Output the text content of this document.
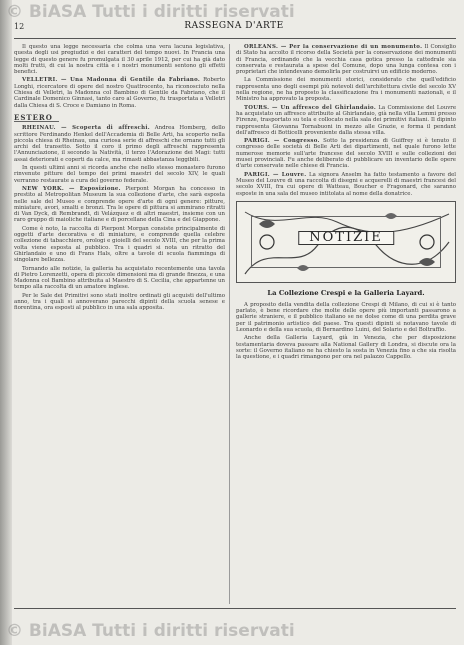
© BiASA Tutti i diritti riservati
© BiASA Tutti i diritti riservati
12	RASSEGNA D'ARTE

Il questo una legge necessaria che colma una vera lacuna legislativa, questa degli usi pregiudizi e dei caratteri del tempo nuovi. In Francia una legge di questo genere fu promulgata il 30 aprile 1912, per cui ha già dato molti frutti, di cui la nostra città e i nostri monumenti sentono gli effetti benefici.

VELLETRI. — Una Madonna di Gentile da Fabriano. Roberto Longhi, ricercatore di opere del nostro Quattrocento, ha riconosciuto nella Chiesa di Velletri, la Madonna col Bambino di Gentile da Fabriano, che il Cardinale Domenico Ginnasi, tanto caro al Governo, fu trasportata a Velletri dalla Chiesa di S. Croce e Damiano in Roma.

ESTERO

RHEINAU. — Scoperta di affreschi. Andrea Homberg, dello scrittore Ferdinando Henkel dell'Accademia di Belle Arti, ha scoperto nella piccola chiesa di Rheinau, una curiosa serie di affreschi che ornano tutti gli archi del transetto. Sotto il coro il primo degli affreschi rappresenta l'Annunciazione, il secondo la Natività, il terzo l'Adorazione dei Magi: tutti assai deteriorati e coperti da calce, ma rimasti abbastanza leggibili.

In questi ultimi anni si ricorda anche che nello stesso monastero furono rinvenute pitture del tempo dei primi maestri del secolo XIV, le quali verranno restaurate a cura del governo federale.

NEW YORK. — Esposizione. Pierpont Morgan ha concesso in prestito al Metropolitan Museum la sua collezione d'arte, che sarà esposta nelle sale del Museo e comprende opere d'arte di ogni genere: pitture, miniature, avori, smalti e bronzi. Tra le opere di pittura si ammirano ritratti di Van Dyck, di Rembrandt, di Velázquez e di altri maestri, insieme con un raro gruppo di maioliche italiane e di porcellane della Cina e del Giappone.

Come è noto, la raccolta di Pierpont Morgan consiste principalmente di oggetti d'arte decorativa e di miniature, e comprende quella celebre collezione di tabacchiere, orologi e gioielli del secolo XVIII, che per la prima volta viene esposta al pubblico. Tra i quadri si nota un ritratto del Ghirlandaio e uno di Frans Hals, oltre a tavole di scuola fiamminga di singolare bellezza.

Tornando alle notizie, la galleria ha acquistato recentemente una tavola di Pietro Lorenzetti, opera di piccole dimensioni ma di grande finezza, e una Madonna col Bambino attribuita al Maestro di S. Cecilia, che appartenne un tempo alla raccolta di un amatore inglese.

Per le Sale dei Primitivi sono stati inoltre ordinati gli acquisti dell'ultimo anno, tra i quali si annoverano parecchi dipinti della scuola senese e fiorentina, ora esposti al pubblico in una sala apposita.

ORLEANS. — Per la conservazione di un monumento. Il Consiglio di Stato ha accolto il ricorso della Società per la conservazione dei monumenti di Francia, ordinando che la vecchia casa gotica presso la cattedrale sia conservata e restaurata a spese del Comune, dopo una lunga contesa con i proprietari che intendevano demolirla per costruirvi un edificio moderno.

La Commissione dei monumenti storici, considerato che quell'edificio rappresenta uno degli esempi più notevoli dell'architettura civile del secolo XV nella regione, ne ha proposto la classificazione fra i monumenti nazionali, e il Ministro ha approvato la proposta.

TOURS. — Un affresco del Ghirlandaio. La Commissione del Louvre ha acquistato un affresco attribuito al Ghirlandaio, già nella villa Lemmi presso Firenze, trasportato su tela e collocato nella sala dei primitivi italiani. Il dipinto rappresenta Giovanna Tornabuoni in mezzo alle Grazie, e forma il pendant dell'affresco di Botticelli proveniente dalla stessa villa.

PARIGI. — Congresso. Sotto la presidenza di Guiffrey si è tenuto il congresso delle società di Belle Arti dei dipartimenti, nel quale furono lette numerose memorie sull'arte francese del secolo XVIII e sulle collezioni dei musei provinciali. Fu anche deliberato di pubblicare un inventario delle opere d'arte conservate nelle chiese di Francia.

PARIGI. — Louvre. La signora Anselm ha fatto testamento a favore del Museo del Louvre di una raccolta di disegni e acquerelli di maestri francesi del secolo XVIII, fra cui opere di Watteau, Boucher e Fragonard, che saranno esposte in una sala del museo intitolata al nome della donatrice.

NOTIZIE
La Collezione Crespi e la Galleria Layard.

A proposito della vendita della collezione Crespi di Milano, di cui si è tanto parlato, è bene ricordare che molte delle opere più importanti passarono a gallerie straniere, e il pubblico italiano se ne dolse come di una perdita grave per il patrimonio artistico del paese. Tra questi dipinti si notavano tavole di Leonardo e della sua scuola, di Bernardino Luini, del Solario e del Boltraffio.

Anche della Galleria Layard, già in Venezia, che per disposizione testamentaria doveva passare alla National Gallery di Londra, si discute ora la sorte: il Governo italiano ne ha chiesto la sosta in Venezia fino a che sia risolta la questione, e i quadri rimangono per ora nel palazzo Cappello.
